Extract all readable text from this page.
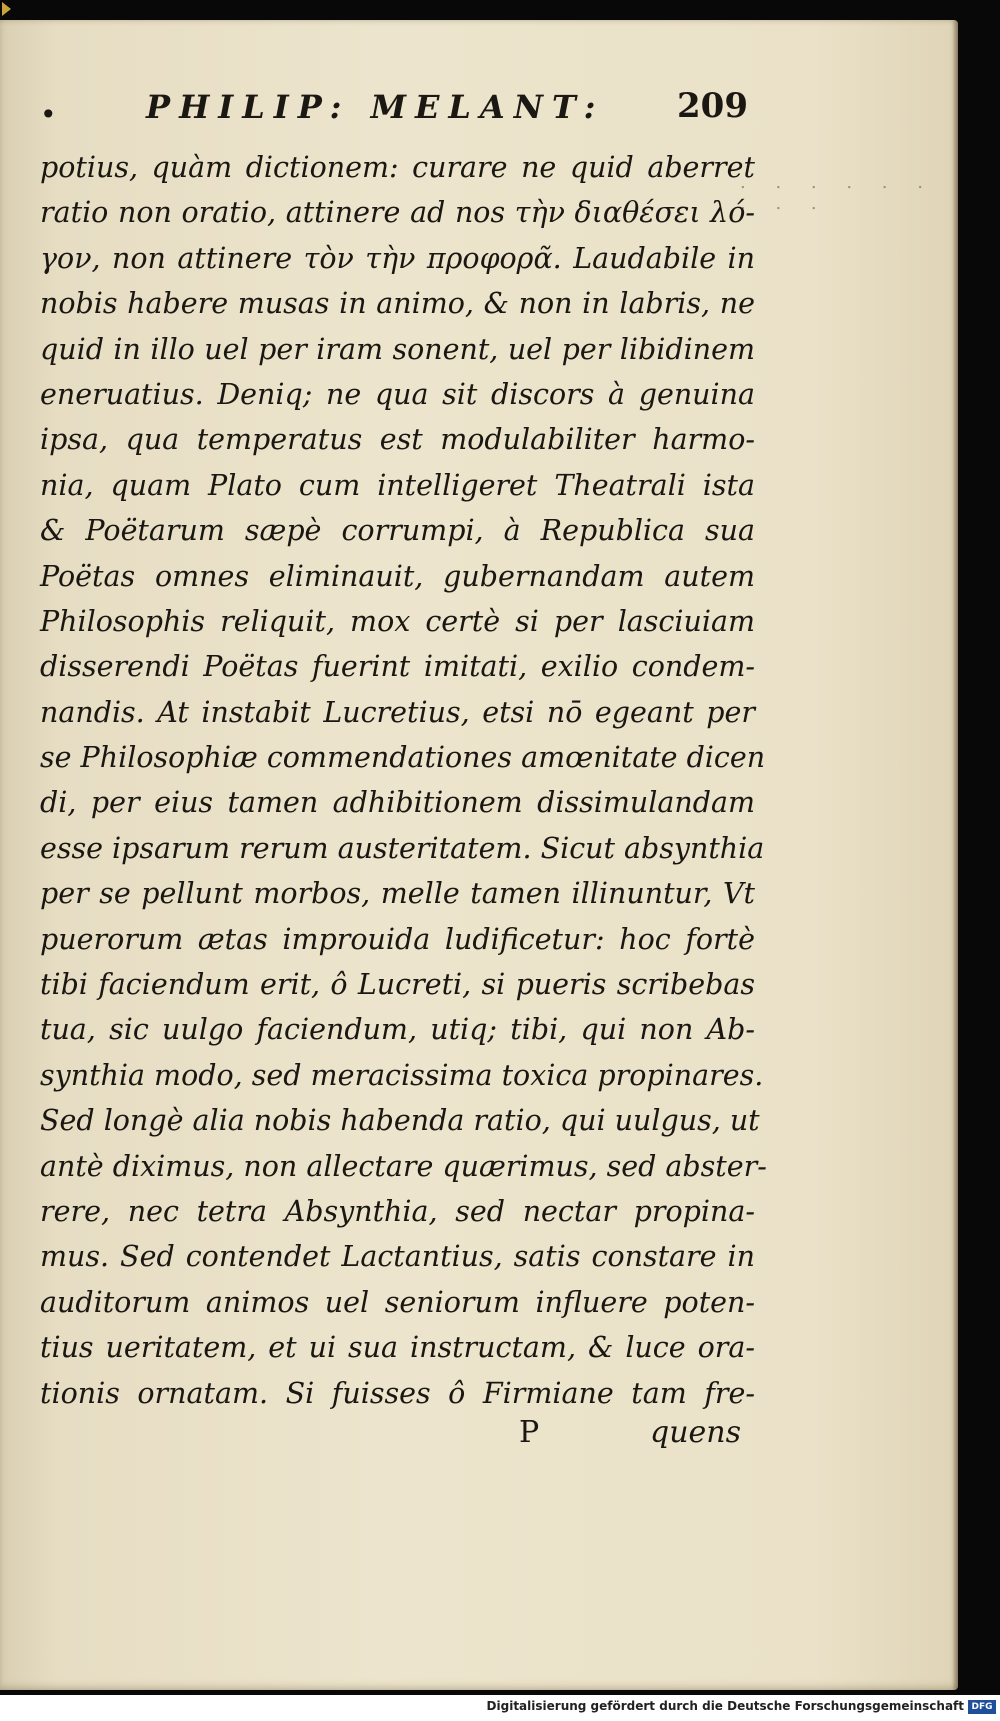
•	PHILIP: MELANT: 209
. . . . . . . . .
potius, quàm dictionem: curare ne quid aberret
ratio non oratio, attinere ad nos τὴν διαθέσει λό-
γον, non attinere τὸν τὴν προφορᾶ. Laudabile in
nobis habere musas in animo, & non in labris, ne
quid in illo uel per iram sonent, uel per libidinem
eneruatius. Deniq; ne qua sit discors à genuina
ipsa, qua temperatus est modulabiliter harmo-
nia, quam Plato cum intelligeret Theatrali ista
& Poëtarum sæpè corrumpi, à Republica sua
Poëtas omnes eliminauit, gubernandam autem
Philosophis reliquit, mox certè si per lasciuiam
disserendi Poëtas fuerint imitati, exilio condem-
nandis. At instabit Lucretius, etsi nō egeant per
se Philosophiæ commendationes amœnitate dicen
di, per eius tamen adhibitionem dissimulandam
esse ipsarum rerum austeritatem. Sicut absynthia
per se pellunt morbos, melle tamen illinuntur, Vt
puerorum ætas improuida ludificetur: hoc fortè
tibi faciendum erit, ô Lucreti, si pueris scribebas
tua, sic uulgo faciendum, utiq; tibi, qui non Ab-
synthia modo, sed meracissima toxica propinares.
Sed longè alia nobis habenda ratio, qui uulgus, ut
antè diximus, non allectare quærimus, sed abster-
rere, nec tetra Absynthia, sed nectar propina-
mus. Sed contendet Lactantius, satis constare in
auditorum animos uel seniorum influere poten-
tius ueritatem, et ui sua instructam, & luce ora-
tionis ornatam. Si fuisses ô Firmiane tam fre-
P	quens
Digitalisierung gefördert durch die Deutsche Forschungsgemeinschaft DFG
